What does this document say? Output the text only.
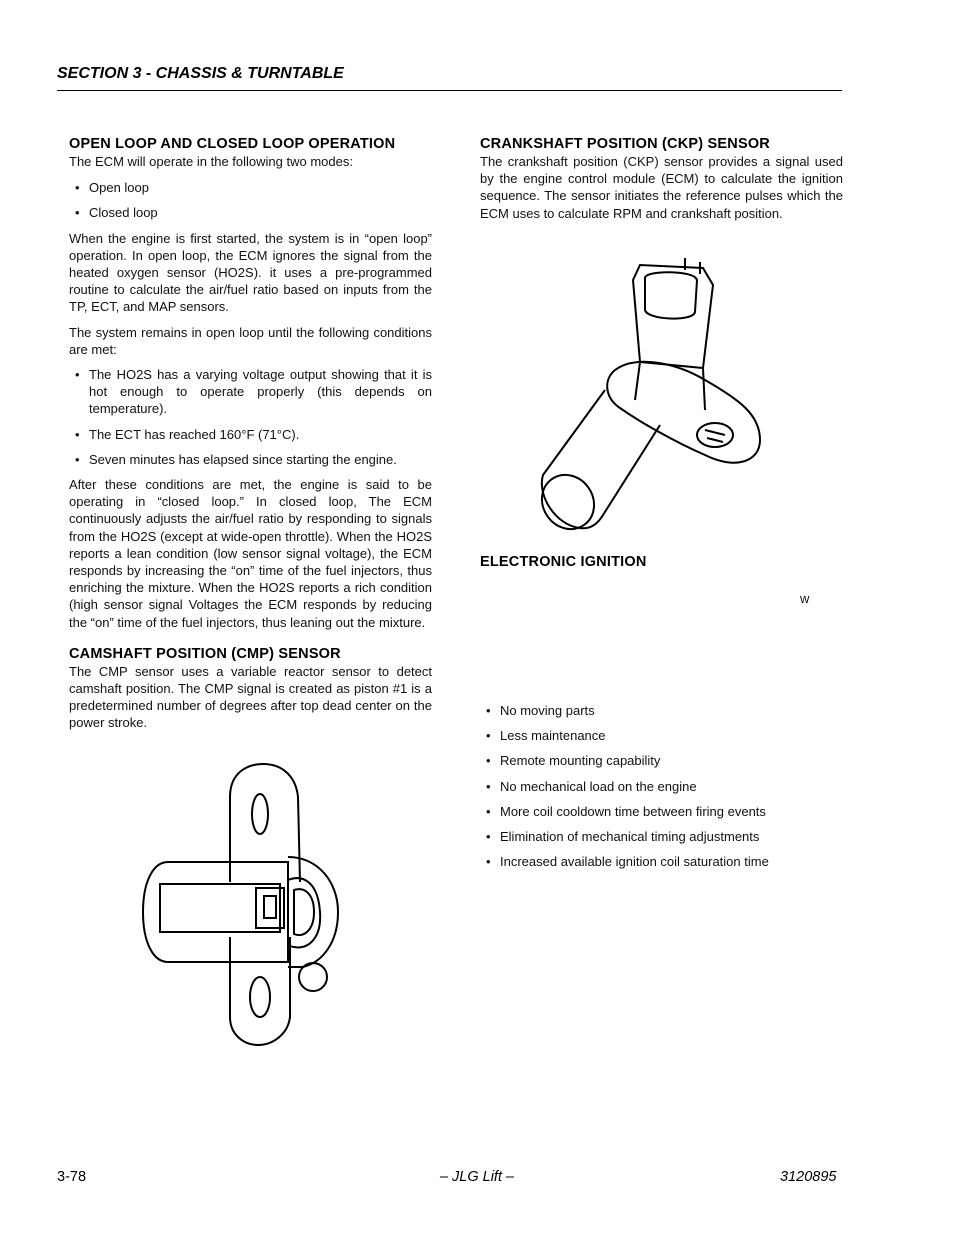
SECTION 3 - CHASSIS & TURNTABLE
OPEN LOOP AND CLOSED LOOP OPERATION

The ECM will operate in the following two modes:

• Open loop
• Closed loop

When the engine is first started, the system is in “open loop” operation. In open loop, the ECM ignores the signal from the heated oxygen sensor (HO2S). it uses a pre-programmed routine to calculate the air/fuel ratio based on inputs from the TP, ECT, and MAP sensors.

The system remains in open loop until the following conditions are met:

• The HO2S has a varying voltage output showing that it is hot enough to operate properly (this depends on temperature).
• The ECT has reached 160°F (71°C).
• Seven minutes has elapsed since starting the engine.

After these conditions are met, the engine is said to be operating in “closed loop.” In closed loop, The ECM continuously adjusts the air/fuel ratio by responding to signals from the HO2S (except at wide-open throttle). When the HO2S reports a lean condition (low sensor signal voltage), the ECM responds by increasing the “on” time of the fuel injectors, thus enriching the mixture. When the HO2S reports a rich condition (high sensor signal Voltages the ECM responds by reducing the “on” time of the fuel injectors, thus leaning out the mixture.

CAMSHAFT POSITION (CMP) SENSOR

The CMP sensor uses a variable reactor sensor to detect camshaft position. The CMP signal is created as piston #1 is a predetermined number of degrees after top dead center on the power stroke.

CRANKSHAFT POSITION (CKP) SENSOR

The crankshaft position (CKP) sensor provides a signal used by the engine control module (ECM) to calculate the ignition sequence. The sensor initiates the reference pulses which the ECM uses to calculate RPM and crankshaft position.

ELECTRONIC IGNITION
w
• No moving parts
• Less maintenance
• Remote mounting capability
• No mechanical load on the engine
• More coil cooldown time between firing events
• Elimination of mechanical timing adjustments
• Increased available ignition coil saturation time
3-78	– JLG Lift –	3120895
